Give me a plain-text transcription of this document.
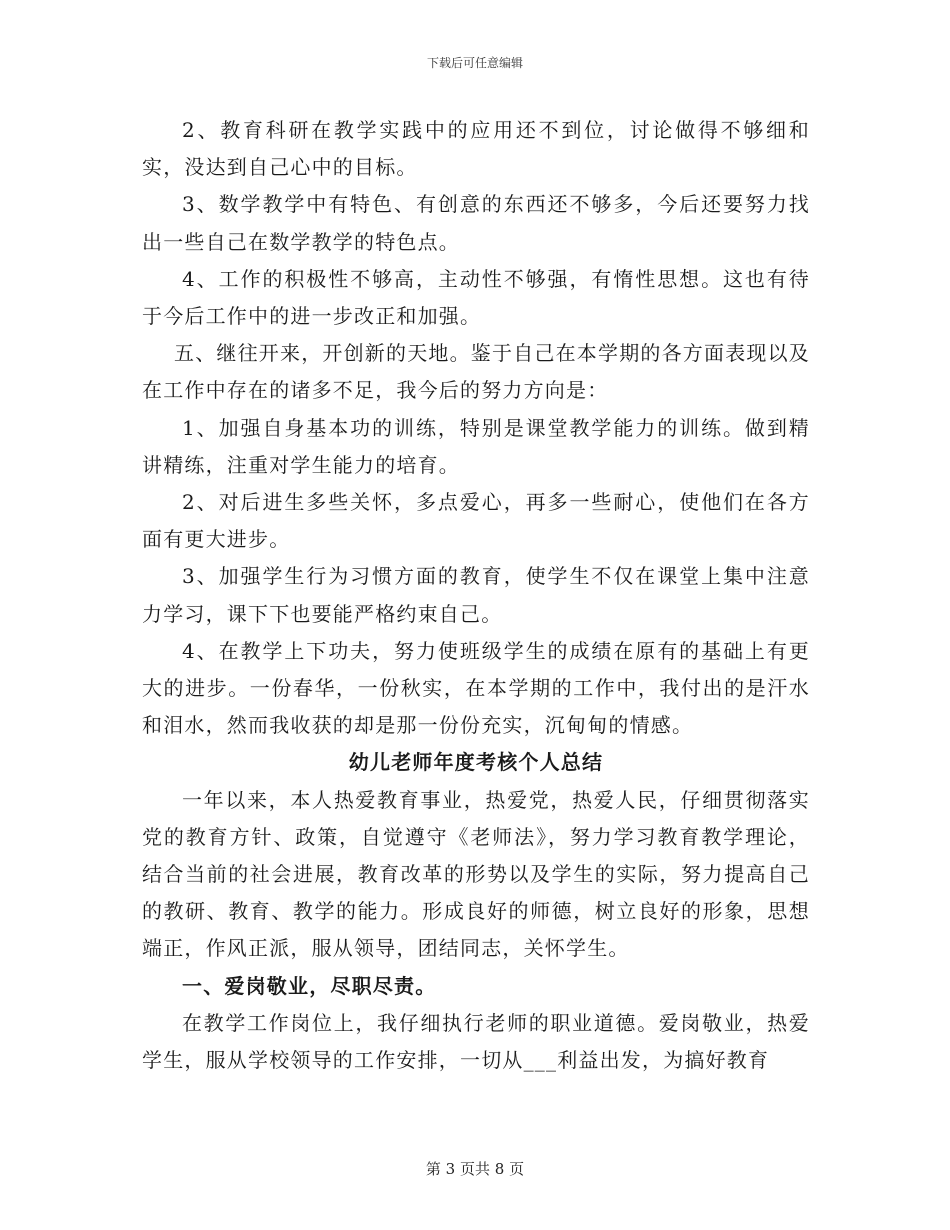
下载后可任意编辑

2、教育科研在教学实践中的应用还不到位，讨论做得不够细和实，没达到自己心中的目标。

3、数学教学中有特色、有创意的东西还不够多，今后还要努力找出一些自己在数学教学的特色点。

4、工作的积极性不够高，主动性不够强，有惰性思想。这也有待于今后工作中的进一步改正和加强。

五、继往开来，开创新的天地。鉴于自己在本学期的各方面表现以及在工作中存在的诸多不足，我今后的努力方向是：

1、加强自身基本功的训练，特别是课堂教学能力的训练。做到精讲精练，注重对学生能力的培育。

2、对后进生多些关怀，多点爱心，再多一些耐心，使他们在各方面有更大进步。

3、加强学生行为习惯方面的教育，使学生不仅在课堂上集中注意力学习，课下下也要能严格约束自己。

4、在教学上下功夫，努力使班级学生的成绩在原有的基础上有更大的进步。一份春华，一份秋实，在本学期的工作中，我付出的是汗水和泪水，然而我收获的却是那一份份充实，沉甸甸的情感。

幼儿老师年度考核个人总结

一年以来，本人热爱教育事业，热爱党，热爱人民，仔细贯彻落实党的教育方针、政策，自觉遵守《老师法》，努力学习教育教学理论，结合当前的社会进展，教育改革的形势以及学生的实际，努力提高自己的教研、教育、教学的能力。形成良好的师德，树立良好的形象，思想端正，作风正派，服从领导，团结同志，关怀学生。

一、爱岗敬业，尽职尽责。

在教学工作岗位上，我仔细执行老师的职业道德。爱岗敬业，热爱学生，服从学校领导的工作安排，一切从___利益出发，为搞好教育

第 3 页共 8 页
